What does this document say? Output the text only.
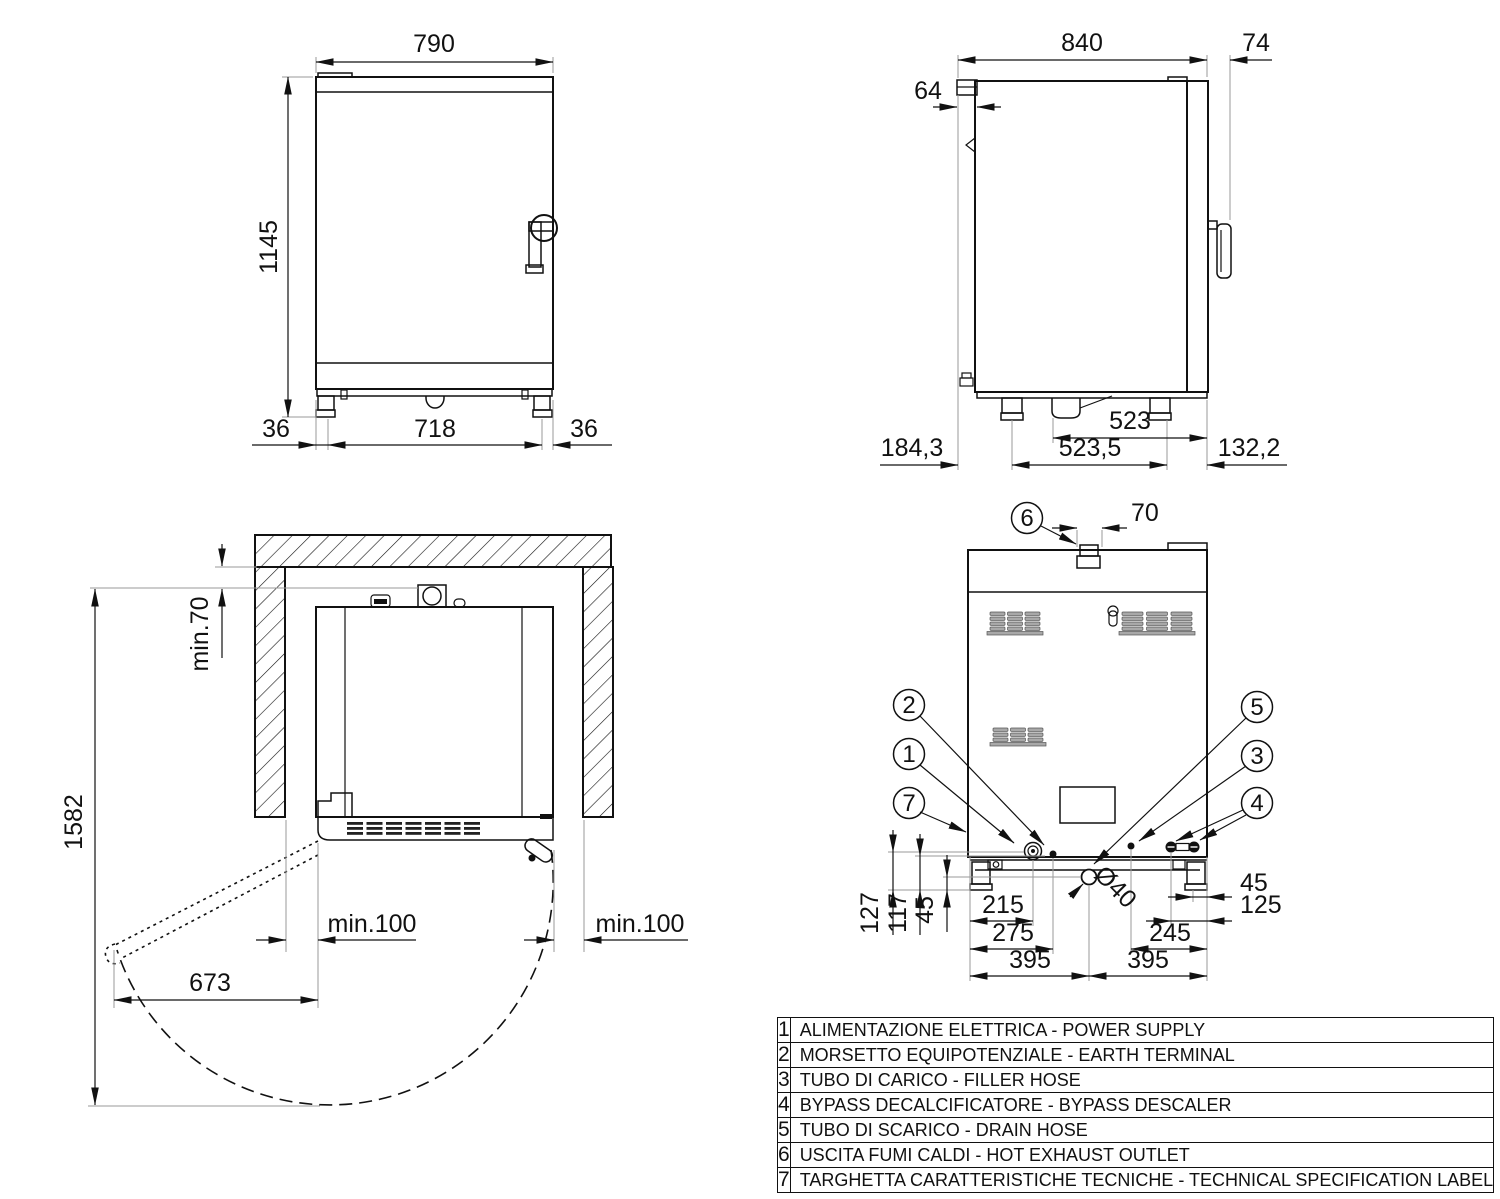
790
1145
36	718	36
840	74
64
523
523,5
184,3	132,2
min.70
1582
min.100	min.100
673
6
2
1
7
5
3
4
70
127 117 45 215
275
395	395
245
125
45
Ø40
1	ALIMENTAZIONE ELETTRICA - POWER SUPPLY
2	MORSETTO EQUIPOTENZIALE - EARTH TERMINAL
3	TUBO DI CARICO - FILLER HOSE
4	BYPASS DECALCIFICATORE - BYPASS DESCALER
5	TUBO DI SCARICO - DRAIN HOSE
6	USCITA FUMI CALDI - HOT EXHAUST OUTLET
7	TARGHETTA CARATTERISTICHE TECNICHE - TECHNICAL SPECIFICATION LABEL
